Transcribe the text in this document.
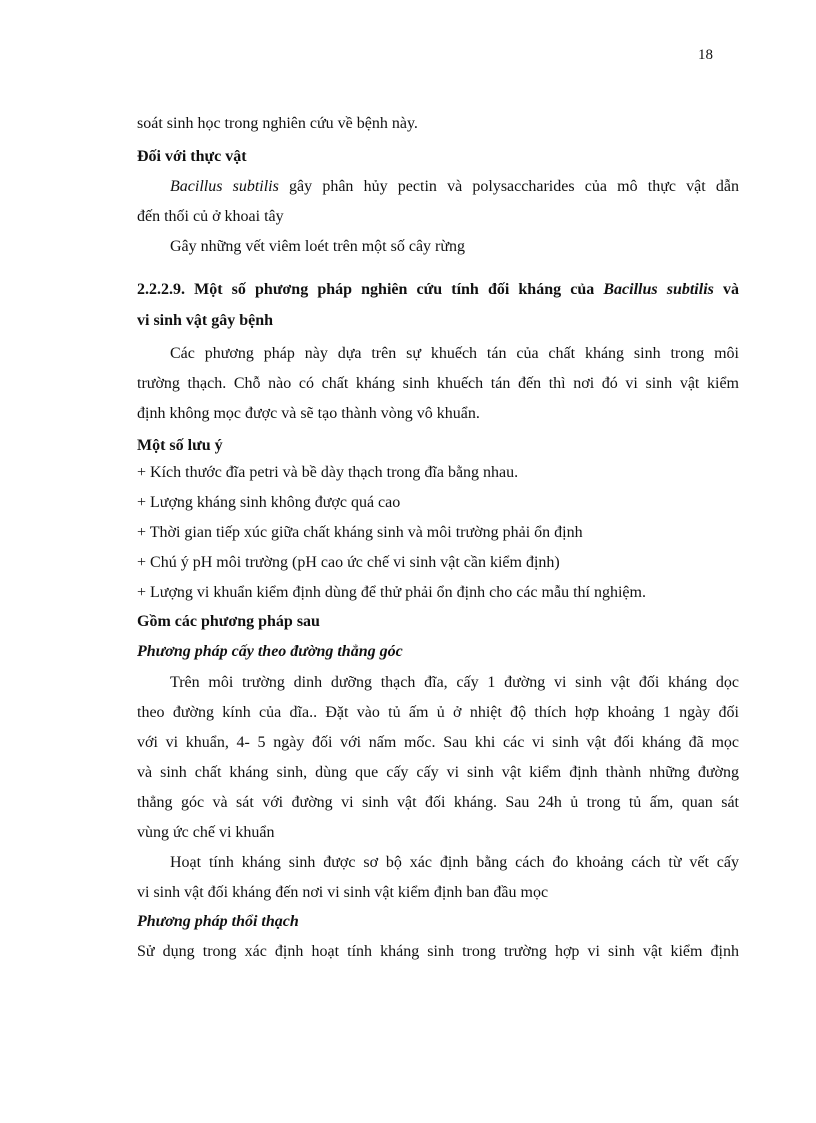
18
soát sinh học trong nghiên cứu về bệnh này.
Đối với thực vật
Bacillus subtilis gây phân hủy pectin và polysaccharides của mô thực vật dẫn
đến thối củ ở khoai tây
Gây những vết viêm loét trên một số cây rừng
2.2.2.9. Một số phương pháp nghiên cứu tính đối kháng của Bacillus subtilis và
vi sinh vật gây bệnh
Các phương pháp này dựa trên sự khuếch tán của chất kháng sinh trong môi
trường thạch. Chỗ nào có chất kháng sinh khuếch tán đến thì nơi đó vi sinh vật kiểm
định không mọc được và sẽ tạo thành vòng vô khuẩn.
Một số lưu ý
+ Kích thước đĩa petri và bề dày thạch trong đĩa bằng nhau.
+ Lượng kháng sinh không được quá cao
+ Thời gian tiếp xúc giữa chất kháng sinh và môi trường phải ổn định
+ Chú ý pH môi trường (pH cao ức chế vi sinh vật cần kiểm định)
+ Lượng vi khuẩn kiểm định dùng để thử phải ổn định cho các mẫu thí nghiệm.
Gồm các phương pháp sau
Phương pháp cấy theo đường thẳng góc
Trên môi trường dinh dưỡng thạch đĩa, cấy 1 đường vi sinh vật đối kháng dọc
theo đường kính của dĩa.. Đặt vào tủ ấm ủ ở nhiệt độ thích hợp khoảng 1 ngày đối
với vi khuẩn, 4- 5 ngày đối với nấm mốc. Sau khi các vi sinh vật đối kháng đã mọc
và sinh chất kháng sinh, dùng que cấy cấy vi sinh vật kiểm định thành những đường
thẳng góc và sát với đường vi sinh vật đối kháng. Sau 24h ủ trong tủ ấm, quan sát
vùng ức chế vi khuẩn
Hoạt tính kháng sinh được sơ bộ xác định bằng cách đo khoảng cách từ vết cấy
vi sinh vật đối kháng đến nơi vi sinh vật kiểm định ban đầu mọc
Phương pháp thổi thạch
Sử dụng trong xác định hoạt tính kháng sinh trong trường hợp vi sinh vật kiểm định
